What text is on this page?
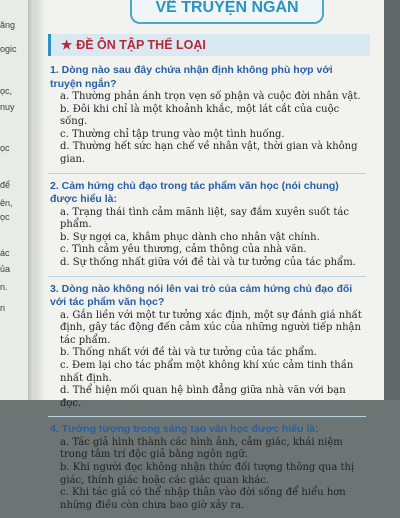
ăng
ogic
ọc,
nuy
ọc
để
ên,
ọc
ác
ủa
n.
n
VỀ TRUYỆN NGẮN
★ ĐỀ ÔN TẬP THỂ LOẠI
1. Dòng nào sau đây chứa nhận định không phù hợp với truyện ngắn?
a. Thường phản ánh trọn vẹn số phận và cuộc đời nhân vật.
b. Đôi khi chỉ là một khoảnh khắc, một lát cắt của cuộc sống.
c. Thường chỉ tập trung vào một tình huống.
d. Thường hết sức hạn chế về nhân vật, thời gian và không gian.
2. Cảm hứng chủ đạo trong tác phẩm văn học (nói chung) được hiểu là:
a. Trạng thái tình cảm mãnh liệt, say đắm xuyên suốt tác phẩm.
b. Sự ngợi ca, khâm phục dành cho nhân vật chính.
c. Tình cảm yêu thương, cảm thông của nhà văn.
d. Sự thống nhất giữa với đề tài và tư tưởng của tác phẩm.
3. Dòng nào không nói lên vai trò của cảm hứng chủ đạo đối với tác phẩm văn học?
a. Gắn liền với một tư tưởng xác định, một sự đánh giá nhất định, gây tác động đến cảm xúc của những người tiếp nhận tác phẩm.
b. Thống nhất với đề tài và tư tưởng của tác phẩm.
c. Đem lại cho tác phẩm một không khí xúc cảm tinh thần nhất định.
d. Thể hiện mối quan hệ bình đẳng giữa nhà văn với bạn đọc.
4. Tưởng tượng trong sáng tạo văn học được hiểu là:
a. Tác giả hình thành các hình ảnh, cảm giác, khái niệm trong tâm trí độc giả bằng ngôn ngữ.
b. Khi người đọc không nhận thức đối tượng thông qua thị giác, thính giác hoặc các giác quan khác.
c. Khi tác giả có thể nhập thân vào đời sống để hiểu hơn những điều còn chưa bao giờ xảy ra.
